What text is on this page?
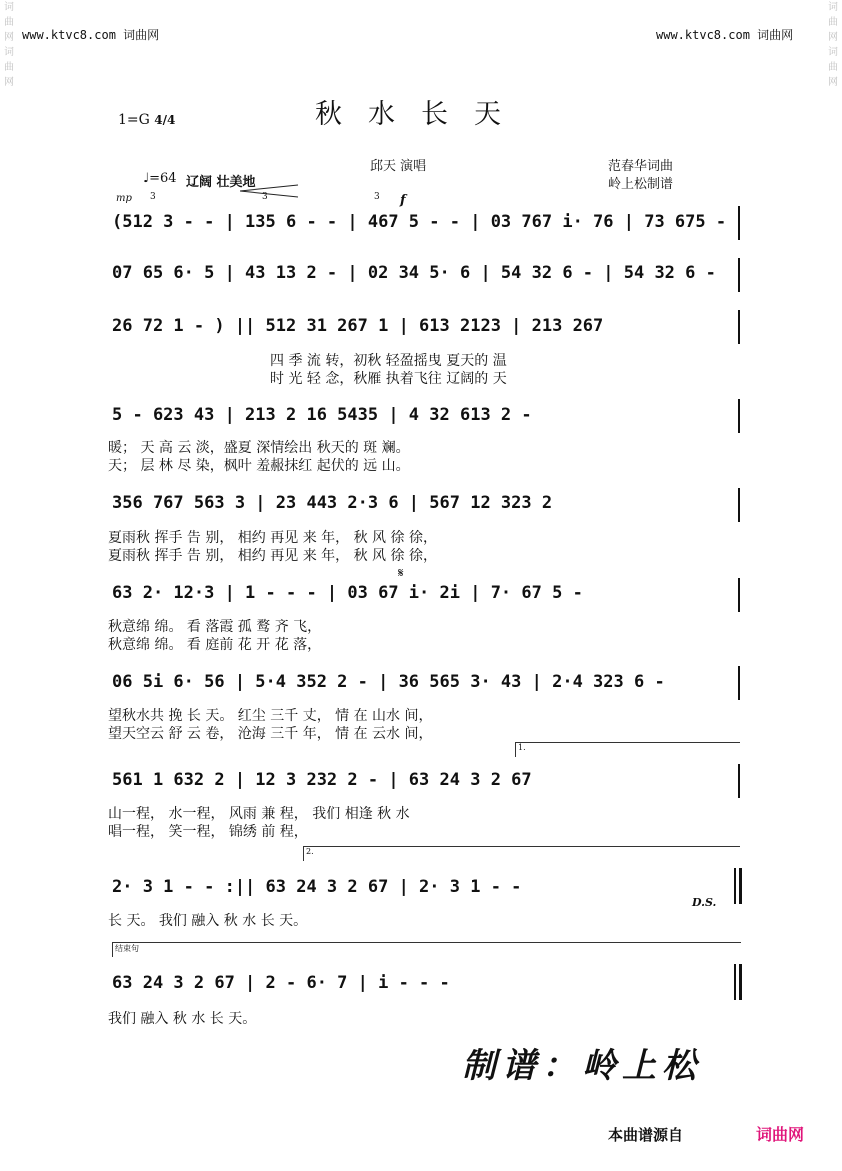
www.ktvc8.com 词曲网	www.ktvc8.com 词曲网
词曲网 词曲网
词曲网 词曲网
秋水长天
1=G 4/4
邱天 演唱	范春华词曲
岭上松制谱
♩=64 辽阔 壮美地
mp	f
3	3	3
(512 3 - - | 135 6 - - | 467 5 - - | 03 767 i· 76 | 73 675 -
07 65 6· 5 | 43 13 2 - | 02 34 5· 6 | 54 32 6 - | 54 32 6 -
26 72 1 - ) || 512 31 267 1 | 613 2123 | 213 267
四 季 流 转，初秋 轻盈摇曳 夏天的 温
时 光 轻 念，秋雁 执着飞往 辽阔的 天
5 - 623 43 | 213 2 16 5435 | 4 32 613 2 -
暖； 天 高 云 淡，盛夏 深情绘出 秋天的 斑 斓。
天； 层 林 尽 染，枫叶 羞赧抹红 起伏的 远 山。
356 767 563 3 | 23 443 2·3 6 | 567 12 323 2
夏雨秋 挥手 告 别， 相约 再见 来 年， 秋 风 徐 徐，
夏雨秋 挥手 告 别， 相约 再见 来 年， 秋 风 徐 徐，
𝄋
63 2· 12·3 | 1 - - - | 03 67 i· 2i | 7· 67 5 -
秋意绵 绵。 看 落霞 孤 鹜 齐 飞，
秋意绵 绵。 看 庭前 花 开 花 落，
06 5i 6· 56 | 5·4 352 2 - | 36 565 3· 43 | 2·4 323 6 -
望秋水共 挽 长 天。 红尘 三千 丈， 情 在 山水 间，
望天空云 舒 云 卷， 沧海 三千 年， 情 在 云水 间，
1.
561 1 632 2 | 12 3 232 2 - | 63 24 3 2 67
山一程， 水一程， 风雨 兼 程， 我们 相逢 秋 水
唱一程， 笑一程， 锦绣 前 程，
2.
2· 3 1 - - :|| 63 24 3 2 67 | 2· 3 1 - -
D.S.
长 天。 我们 融入 秋 水 长 天。
结束句
63 24 3 2 67 | 2 - 6· 7 | i - - -
我们 融入 秋 水 长 天。
制谱：岭上松
本曲谱源自	词曲网
